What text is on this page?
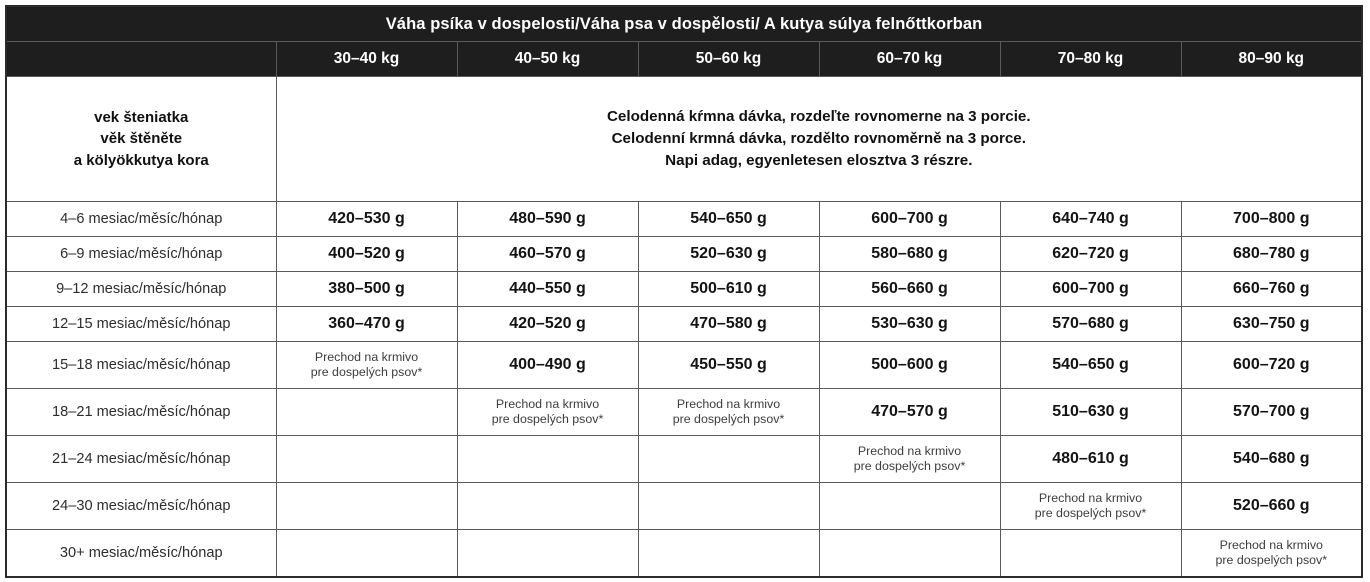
Váha psíka v dospelosti/Váha psa v dospělosti/ A kutya súlya felnőttkorban						
	30–40 kg	40–50 kg	50–60 kg	60–70 kg	70–80 kg	80–90 kg

vek šteniatka
věk štěněte
a kölyökkutya kora	Celodenná kŕmna dávka, rozdeľte rovnomerne na 3 porcie.
Celodenní krmná dávka, rozdělto rovnoměrně na 3 porce.
Napi adag, egyenletesen elosztva 3 részre.					

4–6 mesiac/měsíc/hónap	420–530 g	480–590 g	540–650 g	600–700 g	640–740 g	700–800 g
6–9 mesiac/měsíc/hónap	400–520 g	460–570 g	520–630 g	580–680 g	620–720 g	680–780 g
9–12 mesiac/měsíc/hónap	380–500 g	440–550 g	500–610 g	560–660 g	600–700 g	660–760 g
12–15 mesiac/měsíc/hónap	360–470 g	420–520 g	470–580 g	530–630 g	570–680 g	630–750 g
15–18 mesiac/měsíc/hónap	Prechod na krmivo
pre dospelých psov*	400–490 g	450–550 g	500–600 g	540–650 g	600–720 g
18–21 mesiac/měsíc/hónap		Prechod na krmivo
pre dospelých psov*	Prechod na krmivo
pre dospelých psov*	470–570 g	510–630 g	570–700 g
21–24 mesiac/měsíc/hónap				Prechod na krmivo
pre dospelých psov*	480–610 g	540–680 g
24–30 mesiac/měsíc/hónap					Prechod na krmivo
pre dospelých psov*	520–660 g
30+ mesiac/měsíc/hónap						Prechod na krmivo
pre dospelých psov*
